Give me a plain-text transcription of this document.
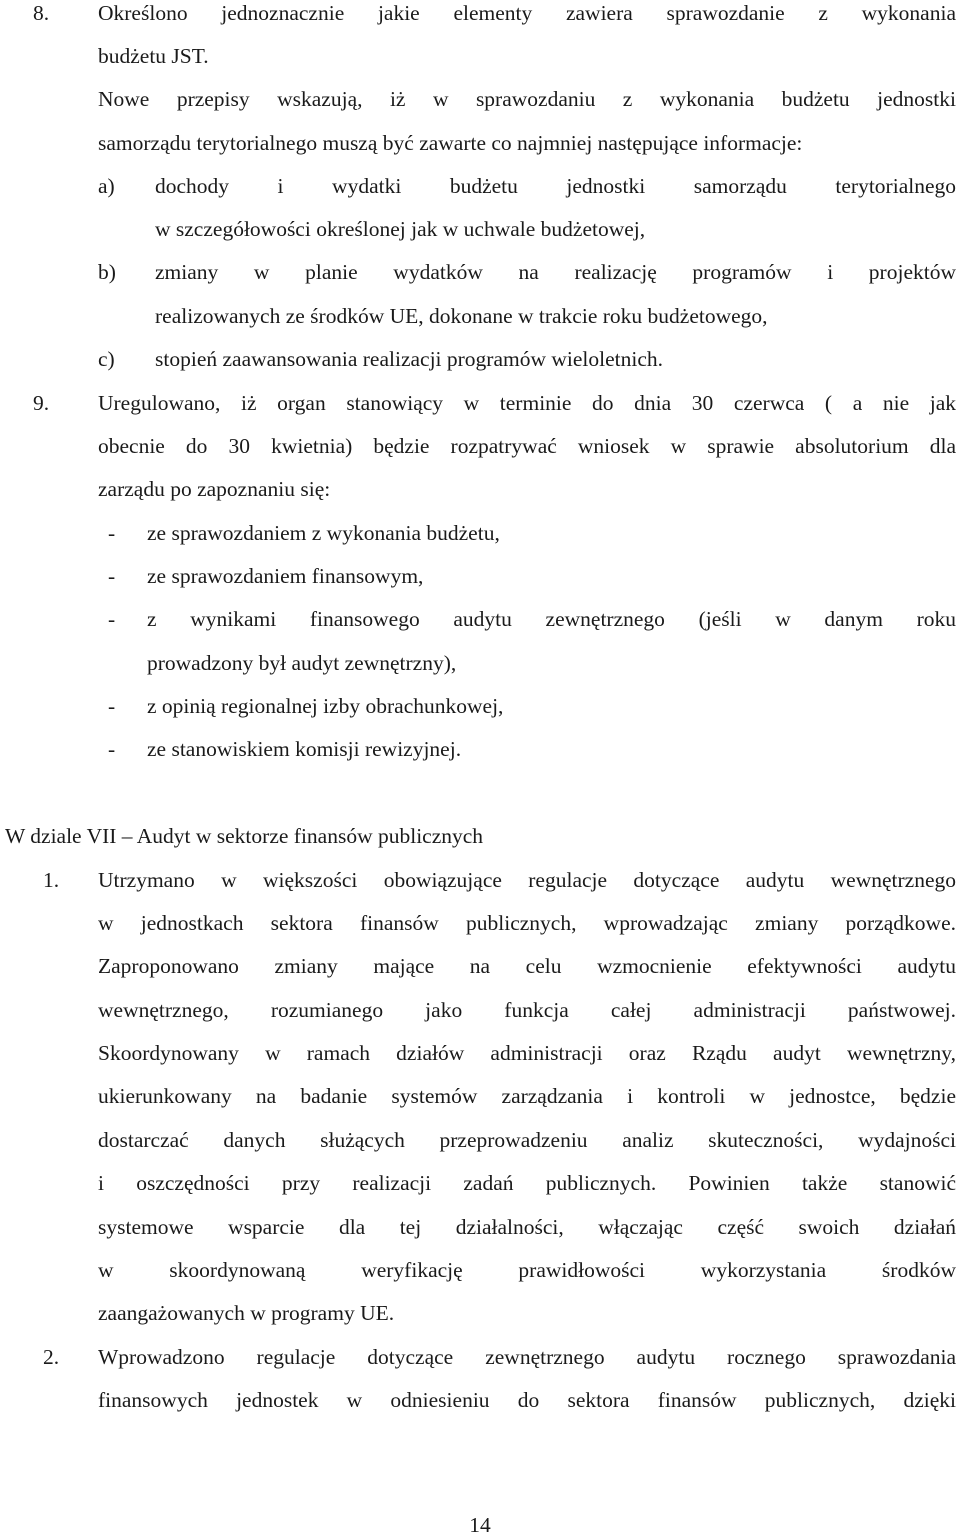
8. Określono jednoznacznie jakie elementy zawiera sprawozdanie z wykonania
budżetu JST.
Nowe przepisy wskazują, iż w sprawozdaniu z wykonania budżetu jednostki
samorządu terytorialnego muszą być zawarte co najmniej następujące informacje:
a) dochody i wydatki budżetu jednostki samorządu terytorialnego
w szczegółowości określonej jak w uchwale budżetowej,
b) zmiany w planie wydatków na realizację programów i projektów
realizowanych ze środków UE, dokonane w trakcie roku budżetowego,
c) stopień zaawansowania realizacji programów wieloletnich.
9. Uregulowano, iż organ stanowiący w terminie do dnia 30 czerwca ( a nie jak
obecnie do 30 kwietnia) będzie rozpatrywać wniosek w sprawie absolutorium dla
zarządu po zapoznaniu się:
- ze sprawozdaniem z wykonania budżetu,
- ze sprawozdaniem finansowym,
- z wynikami finansowego audytu zewnętrznego (jeśli w danym roku
prowadzony był audyt zewnętrzny),
- z opinią regionalnej izby obrachunkowej,
- ze stanowiskiem komisji rewizyjnej.
W dziale VII – Audyt w sektorze finansów publicznych
1. Utrzymano w większości obowiązujące regulacje dotyczące audytu wewnętrznego
w jednostkach sektora finansów publicznych, wprowadzając zmiany porządkowe.
Zaproponowano zmiany mające na celu wzmocnienie efektywności audytu
wewnętrznego, rozumianego jako funkcja całej administracji państwowej.
Skoordynowany w ramach działów administracji oraz Rządu audyt wewnętrzny,
ukierunkowany na badanie systemów zarządzania i kontroli w jednostce, będzie
dostarczać danych służących przeprowadzeniu analiz skuteczności, wydajności
i oszczędności przy realizacji zadań publicznych. Powinien także stanowić
systemowe wsparcie dla tej działalności, włączając część swoich działań
w skoordynowaną weryfikację prawidłowości wykorzystania środków
zaangażowanych w programy UE.
2. Wprowadzono regulacje dotyczące zewnętrznego audytu rocznego sprawozdania
finansowych jednostek w odniesieniu do sektora finansów publicznych, dzięki
14
